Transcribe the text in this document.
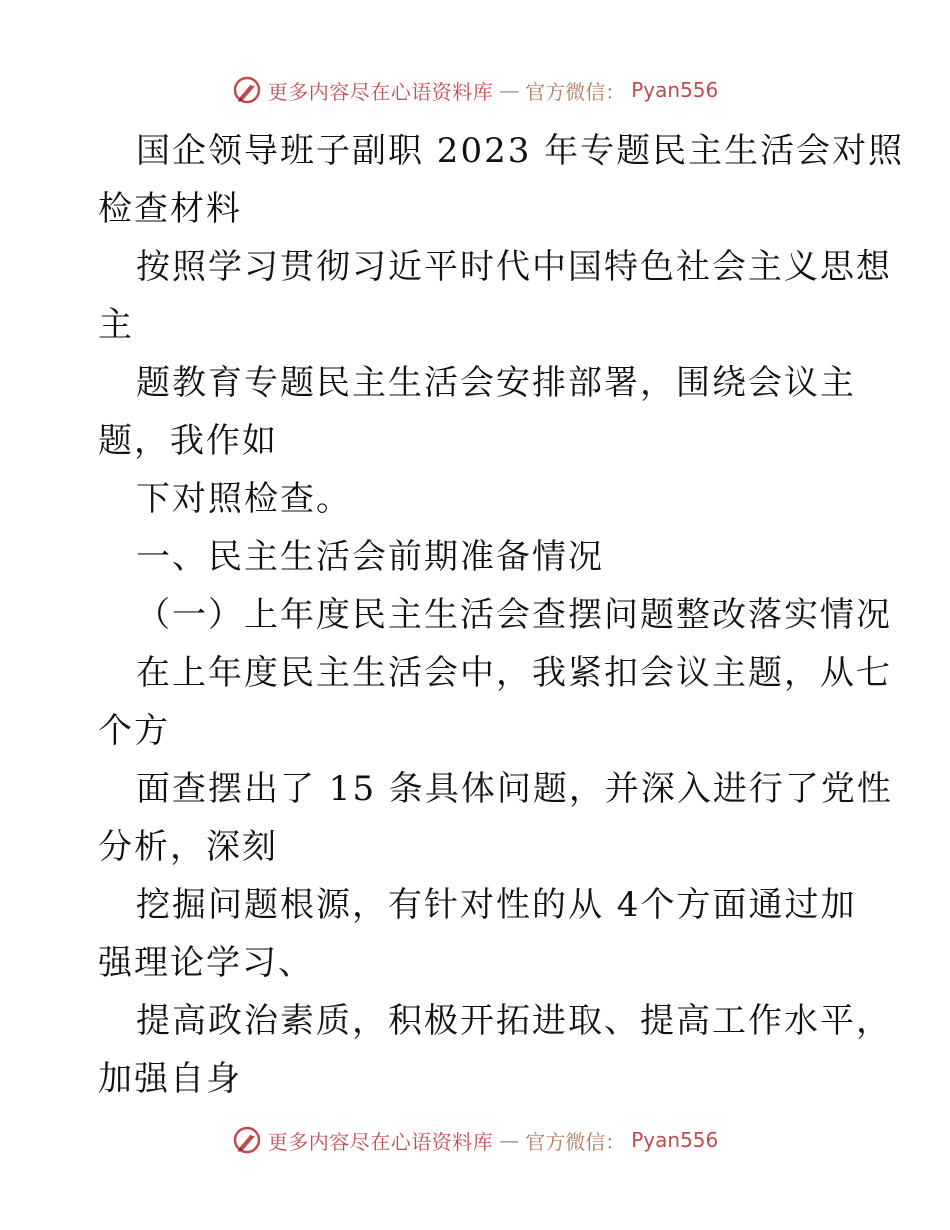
更多内容尽在心语资料库 — 官方微信： Pyan556
国企领导班子副职 2023 年专题民主生活会对照
检查材料
按照学习贯彻习近平时代中国特色社会主义思想
主
题教育专题民主生活会安排部署，围绕会议主
题，我作如
下对照检查。
一、民主生活会前期准备情况
（一）上年度民主生活会查摆问题整改落实情况
在上年度民主生活会中，我紧扣会议主题，从七
个方
面查摆出了 15 条具体问题，并深入进行了党性
分析，深刻
挖掘问题根源，有针对性的从 4个方面通过加
强理论学习、
提高政治素质，积极开拓进取、提高工作水平，
加强自身
更多内容尽在心语资料库 — 官方微信： Pyan556
